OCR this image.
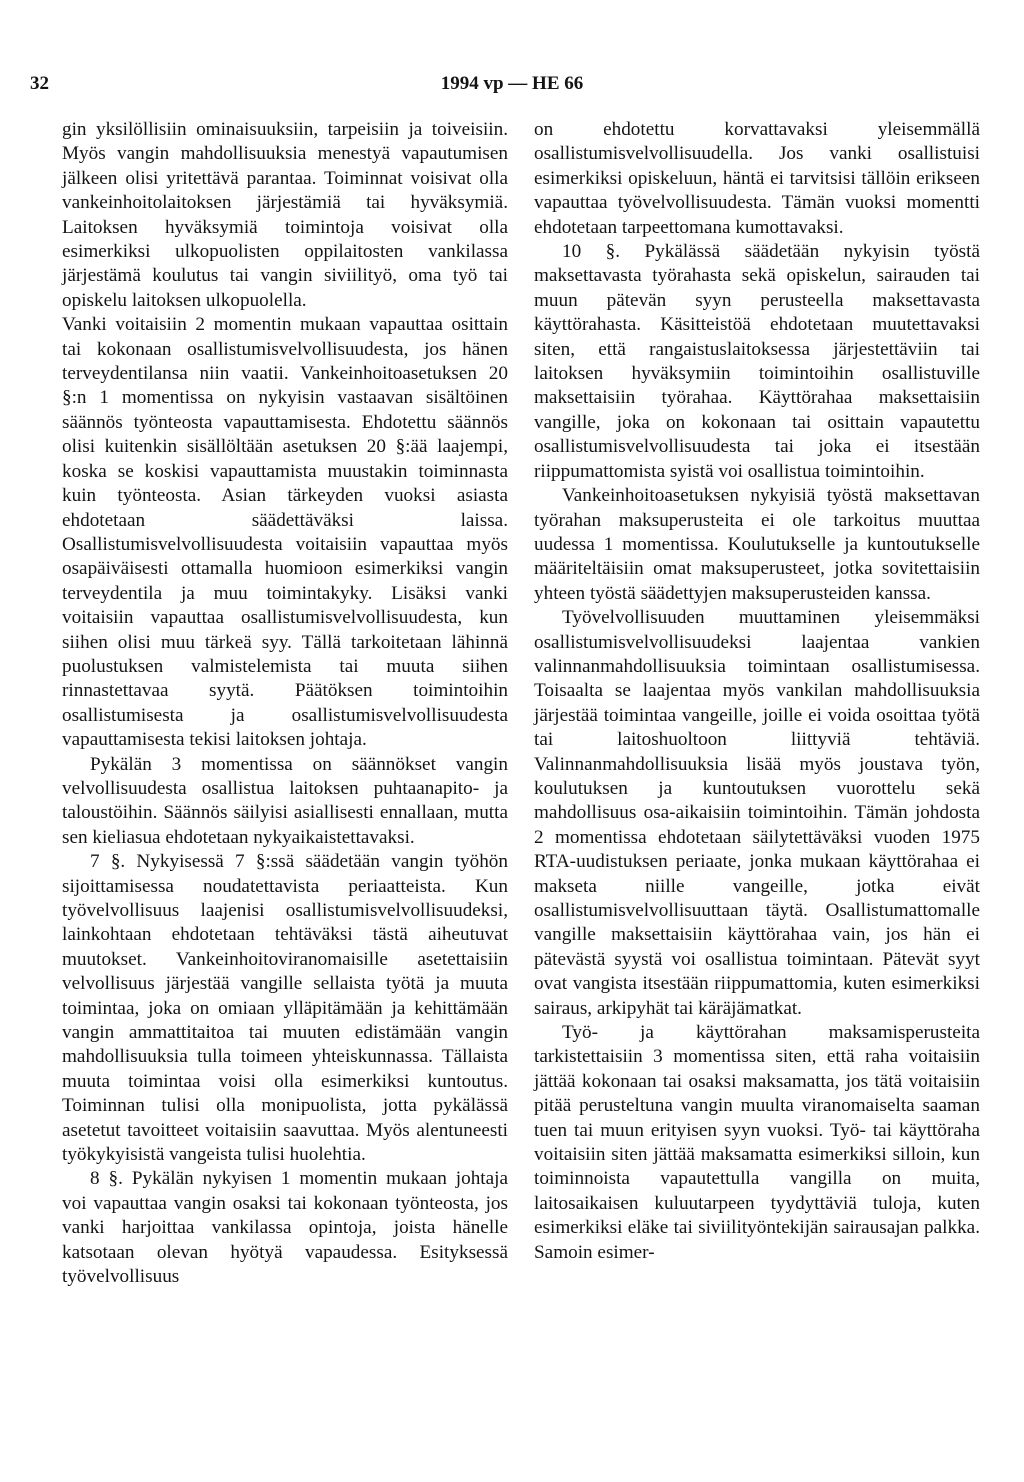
32	1994 vp — HE 66

gin yksilöllisiin ominaisuuksiin, tarpeisiin ja toiveisiin. Myös vangin mahdollisuuksia menestyä vapautumisen jälkeen olisi yritettävä parantaa. Toiminnat voisivat olla vankeinhoitolaitoksen järjestämiä tai hyväksymiä. Laitoksen hyväksymiä toimintoja voisivat olla esimerkiksi ulkopuolisten oppilaitosten vankilassa järjestämä koulutus tai vangin siviilityö, oma työ tai opiskelu laitoksen ulkopuolella.

Vanki voitaisiin 2 momentin mukaan vapauttaa osittain tai kokonaan osallistumisvelvollisuudesta, jos hänen terveydentilansa niin vaatii. Vankeinhoitoasetuksen 20 §:n 1 momentissa on nykyisin vastaavan sisältöinen säännös työnteosta vapauttamisesta. Ehdotettu säännös olisi kuitenkin sisällöltään asetuksen 20 §:ää laajempi, koska se koskisi vapauttamista muustakin toiminnasta kuin työnteosta. Asian tärkeyden vuoksi asiasta ehdotetaan säädettäväksi laissa. Osallistumisvelvollisuudesta voitaisiin vapauttaa myös osapäiväisesti ottamalla huomioon esimerkiksi vangin terveydentila ja muu toimintakyky. Lisäksi vanki voitaisiin vapauttaa osallistumisvelvollisuudesta, kun siihen olisi muu tärkeä syy. Tällä tarkoitetaan lähinnä puolustuksen valmistelemista tai muuta siihen rinnastettavaa syytä. Päätöksen toimintoihin osallistumisesta ja osallistumisvelvollisuudesta vapauttamisesta tekisi laitoksen johtaja.

Pykälän 3 momentissa on säännökset vangin velvollisuudesta osallistua laitoksen puhtaanapito- ja taloustöihin. Säännös säilyisi asiallisesti ennallaan, mutta sen kieliasua ehdotetaan nykyaikaistettavaksi.

7 §. Nykyisessä 7 §:ssä säädetään vangin työhön sijoittamisessa noudatettavista periaatteista. Kun työvelvollisuus laajenisi osallistumisvelvollisuudeksi, lainkohtaan ehdotetaan tehtäväksi tästä aiheutuvat muutokset. Vankeinhoitoviranomaisille asetettaisiin velvollisuus järjestää vangille sellaista työtä ja muuta toimintaa, joka on omiaan ylläpitämään ja kehittämään vangin ammattitaitoa tai muuten edistämään vangin mahdollisuuksia tulla toimeen yhteiskunnassa. Tällaista muuta toimintaa voisi olla esimerkiksi kuntoutus. Toiminnan tulisi olla monipuolista, jotta pykälässä asetetut tavoitteet voitaisiin saavuttaa. Myös alentuneesti työkykyisistä vangeista tulisi huolehtia.

8 §. Pykälän nykyisen 1 momentin mukaan johtaja voi vapauttaa vangin osaksi tai kokonaan työnteosta, jos vanki harjoittaa vankilassa opintoja, joista hänelle katsotaan olevan hyötyä vapaudessa. Esityksessä työvelvollisuus

on ehdotettu korvattavaksi yleisemmällä osallistumisvelvollisuudella. Jos vanki osallistuisi esimerkiksi opiskeluun, häntä ei tarvitsisi tällöin erikseen vapauttaa työvelvollisuudesta. Tämän vuoksi momentti ehdotetaan tarpeettomana kumottavaksi.

10 §. Pykälässä säädetään nykyisin työstä maksettavasta työrahasta sekä opiskelun, sairauden tai muun pätevän syyn perusteella maksettavasta käyttörahasta. Käsitteistöä ehdotetaan muutettavaksi siten, että rangaistuslaitoksessa järjestettäviin tai laitoksen hyväksymiin toimintoihin osallistuville maksettaisiin työrahaa. Käyttörahaa maksettaisiin vangille, joka on kokonaan tai osittain vapautettu osallistumisvelvollisuudesta tai joka ei itsestään riippumattomista syistä voi osallistua toimintoihin.

Vankeinhoitoasetuksen nykyisiä työstä maksettavan työrahan maksuperusteita ei ole tarkoitus muuttaa uudessa 1 momentissa. Koulutukselle ja kuntoutukselle määriteltäisiin omat maksuperusteet, jotka sovitettaisiin yhteen työstä säädettyjen maksuperusteiden kanssa.

Työvelvollisuuden muuttaminen yleisemmäksi osallistumisvelvollisuudeksi laajentaa vankien valinnanmahdollisuuksia toimintaan osallistumisessa. Toisaalta se laajentaa myös vankilan mahdollisuuksia järjestää toimintaa vangeille, joille ei voida osoittaa työtä tai laitoshuoltoon liittyviä tehtäviä. Valinnanmahdollisuuksia lisää myös joustava työn, koulutuksen ja kuntoutuksen vuorottelu sekä mahdollisuus osa-aikaisiin toimintoihin. Tämän johdosta 2 momentissa ehdotetaan säilytettäväksi vuoden 1975 RTA-uudistuksen periaate, jonka mukaan käyttörahaa ei makseta niille vangeille, jotka eivät osallistumisvelvollisuuttaan täytä. Osallistumattomalle vangille maksettaisiin käyttörahaa vain, jos hän ei pätevästä syystä voi osallistua toimintaan. Pätevät syyt ovat vangista itsestään riippumattomia, kuten esimerkiksi sairaus, arkipyhät tai käräjämatkat.

Työ- ja käyttörahan maksamisperusteita tarkistettaisiin 3 momentissa siten, että raha voitaisiin jättää kokonaan tai osaksi maksamatta, jos tätä voitaisiin pitää perusteltuna vangin muulta viranomaiselta saaman tuen tai muun erityisen syyn vuoksi. Työ- tai käyttöraha voitaisiin siten jättää maksamatta esimerkiksi silloin, kun toiminnoista vapautettulla vangilla on muita, laitosaikaisen kuluutarpeen tyydyttäviä tuloja, kuten esimerkiksi eläke tai siviilityöntekijän sairausajan palkka. Samoin esimer-
